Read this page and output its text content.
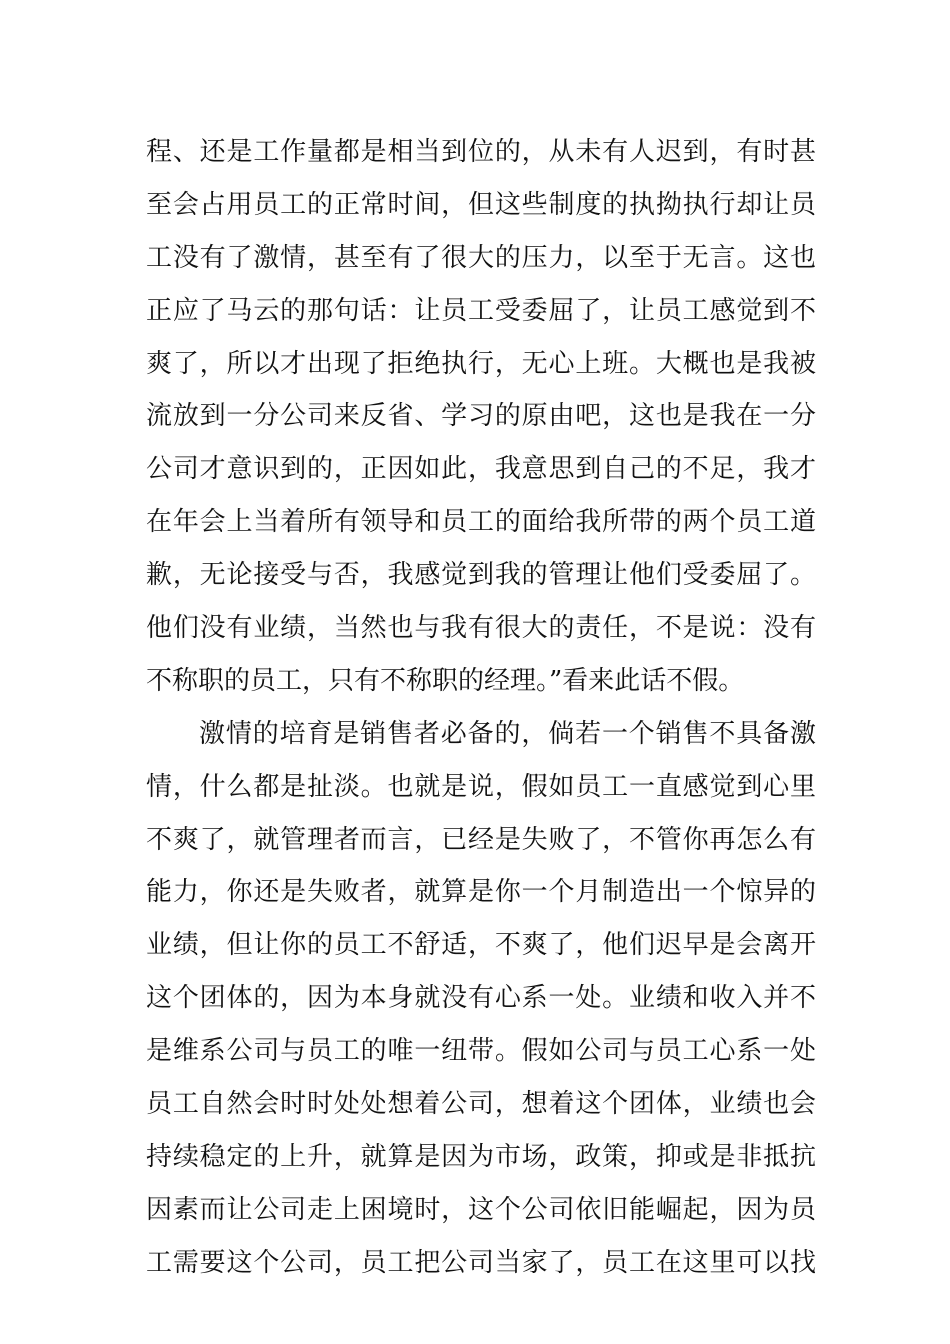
程、还是工作量都是相当到位的，从未有人迟到，有时甚
至会占用员工的正常时间，但这些制度的执拗执行却让员
工没有了激情，甚至有了很大的压力，以至于无言。这也
正应了马云的那句话：让员工受委屈了，让员工感觉到不
爽了，所以才出现了拒绝执行，无心上班。大概也是我被
流放到一分公司来反省、学习的原由吧，这也是我在一分
公司才意识到的，正因如此，我意思到自己的不足，我才
在年会上当着所有领导和员工的面给我所带的两个员工道
歉，无论接受与否，我感觉到我的管理让他们受委屈了。
他们没有业绩，当然也与我有很大的责任，不是说：没有
不称职的员工，只有不称职的经理。”看来此话不假。
激情的培育是销售者必备的，倘若一个销售不具备激
情，什么都是扯淡。也就是说，假如员工一直感觉到心里
不爽了，就管理者而言，已经是失败了，不管你再怎么有
能力，你还是失败者，就算是你一个月制造出一个惊异的
业绩，但让你的员工不舒适，不爽了，他们迟早是会离开
这个团体的，因为本身就没有心系一处。业绩和收入并不
是维系公司与员工的唯一纽带。假如公司与员工心系一处
员工自然会时时处处想着公司，想着这个团体，业绩也会
持续稳定的上升，就算是因为市场，政策，抑或是非抵抗
因素而让公司走上困境时，这个公司依旧能崛起，因为员
工需要这个公司，员工把公司当家了，员工在这里可以找
